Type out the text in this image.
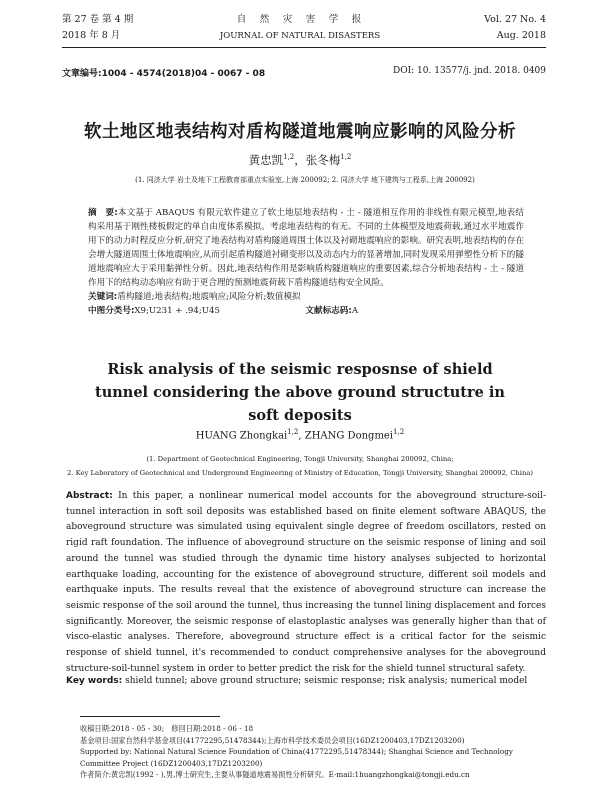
第 27 卷 第 4 期
2018 年 8 月
自　然　灾　害　学　报
JOURNAL OF NATURAL DISASTERS
Vol. 27 No. 4
Aug. 2018
文章编号:1004 - 4574(2018)04 - 0067 - 08	DOI: 10. 13577/j. jnd. 2018. 0409
软土地区地表结构对盾构隧道地震响应影响的风险分析
黄忠凯$^{1,2}$，张冬梅$^{1,2}$
(1. 同济大学 岩土及地下工程教育部重点实验室,上海 200092; 2. 同济大学 地下建筑与工程系,上海 200092)
摘　要:本文基于 ABAQUS 有限元软件建立了软土地层地表结构 - 土 - 隧道相互作用的非线性有限元模型,地表结构采用基于刚性楼板假定的单自由度体系模拟。考虑地表结构的有无、不同的土体模型及地震荷载,通过水平地震作用下的动力时程反应分析,研究了地表结构对盾构隧道周围土体以及衬砌地震响应的影响。研究表明,地表结构的存在会增大隧道周围土体地震响应,从而引起盾构隧道衬砌变形以及动态内力的显著增加,同时发现采用弹塑性分析下的隧道地震响应大于采用黏弹性分析。因此,地表结构作用是影响盾构隧道响应的重要因素,综合分析地表结构 - 土 - 隧道作用下的结构动态响应有助于更合理的预测地震荷载下盾构隧道结构安全风险。
关键词:盾构隧道;地表结构;地震响应;风险分析;数值模拟
中图分类号:X9;U231 + .94;U45	文献标志码:A
Risk analysis of the seismic resposnse of shield tunnel considering the above ground structutre in soft deposits
HUANG Zhongkai$^{1,2}$, ZHANG Dongmei$^{1,2}$
(1. Department of Geotechnical Engineering, Tongji University, Shanghai 200092, China;
2. Key Laboratory of Geotechnical and Underground Engineering of Ministry of Education, Tongji University, Shanghai 200092, China)
Abstract: In this paper, a nonlinear numerical model accounts for the aboveground structure-soil-tunnel interaction in soft soil deposits was established based on finite element software ABAQUS, the aboveground structure was simulated using equivalent single degree of freedom oscillators, rested on rigid raft foundation. The influence of aboveground structure on the seismic response of lining and soil around the tunnel was studied through the dynamic time history analyses subjected to horizontal earthquake loading, accounting for the existence of aboveground structure, different soil models and earthquake inputs. The results reveal that the existence of aboveground structure can increase the seismic response of the soil around the tunnel, thus increasing the tunnel lining displacement and forces significantly. Moreover, the seismic response of elastoplastic analyses was generally higher than that of visco-elastic analyses. Therefore, aboveground structure effect is a critical factor for the seismic response of shield tunnel, it's recommended to conduct comprehensive analyses for the aboveground structure-soil-tunnel system in order to better predict the risk for the shield tunnel structural safety.
Key words: shield tunnel; above ground structure; seismic response; risk analysis; numerical model
收稿日期:2018 - 05 - 30;　修回日期:2018 - 06 - 18
基金项目:国家自然科学基金项目(41772295,51478344);上海市科学技术委员会项目(16DZ1200403,17DZ1203200)
Supported by: National Natural Science Foundation of China(41772295,51478344); Shanghai Science and Technology Committee Project (16DZ1200403,17DZ1203200)
作者简介:黄忠凯(1992 - ),男,博士研究生,主要从事隧道地震易损性分析研究。E-mail:1huangzhongkai@tongji.edu.cn
